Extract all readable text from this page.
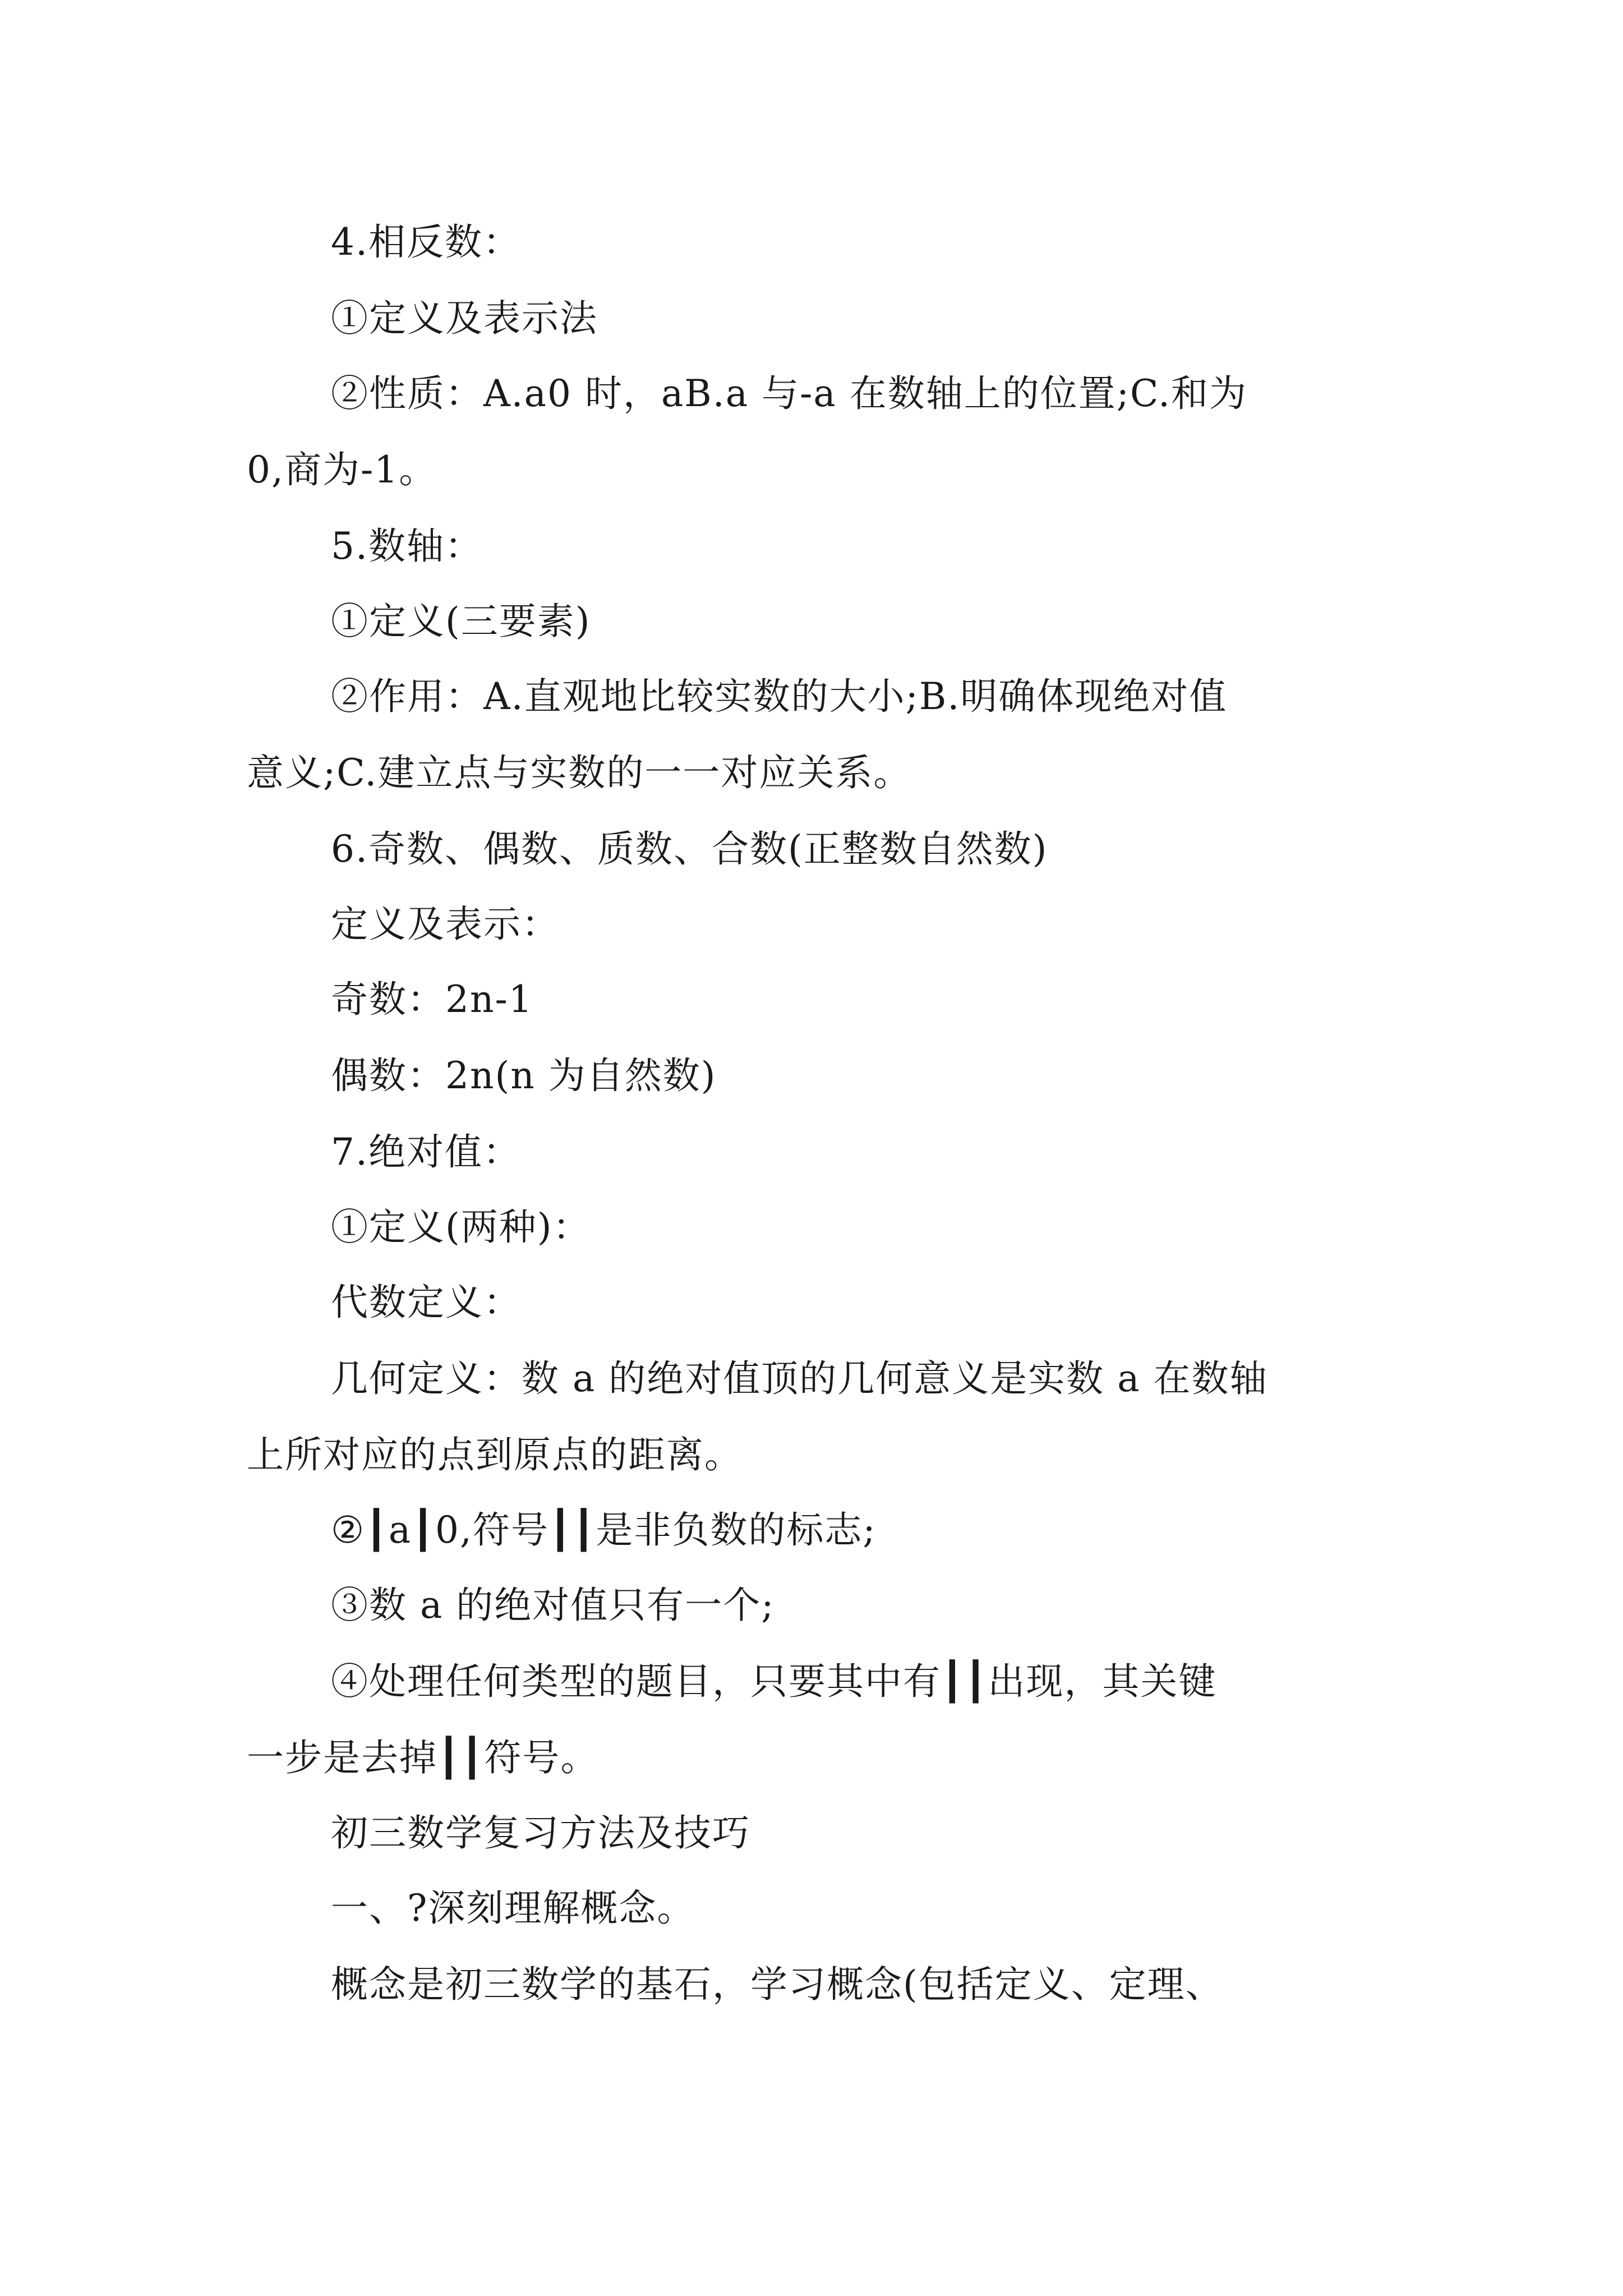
4.相反数：
①定义及表示法
②性质：A.a0 时，aB.a 与-a 在数轴上的位置;C.和为
0,商为-1。
5.数轴：
①定义(三要素)
②作用：A.直观地比较实数的大小;B.明确体现绝对值
意义;C.建立点与实数的一一对应关系。
6.奇数、偶数、质数、合数(正整数自然数)
定义及表示：
奇数：2n-1
偶数：2n(n 为自然数)
7.绝对值：
①定义(两种)：
代数定义：
几何定义：数 a 的绝对值顶的几何意义是实数 a 在数轴
上所对应的点到原点的距离。
②┃a┃0,符号┃┃是非负数的标志;
③数 a 的绝对值只有一个;
④处理任何类型的题目，只要其中有┃┃出现，其关键
一步是去掉┃┃符号。
初三数学复习方法及技巧
一、?深刻理解概念。
概念是初三数学的基石，学习概念(包括定义、定理、
